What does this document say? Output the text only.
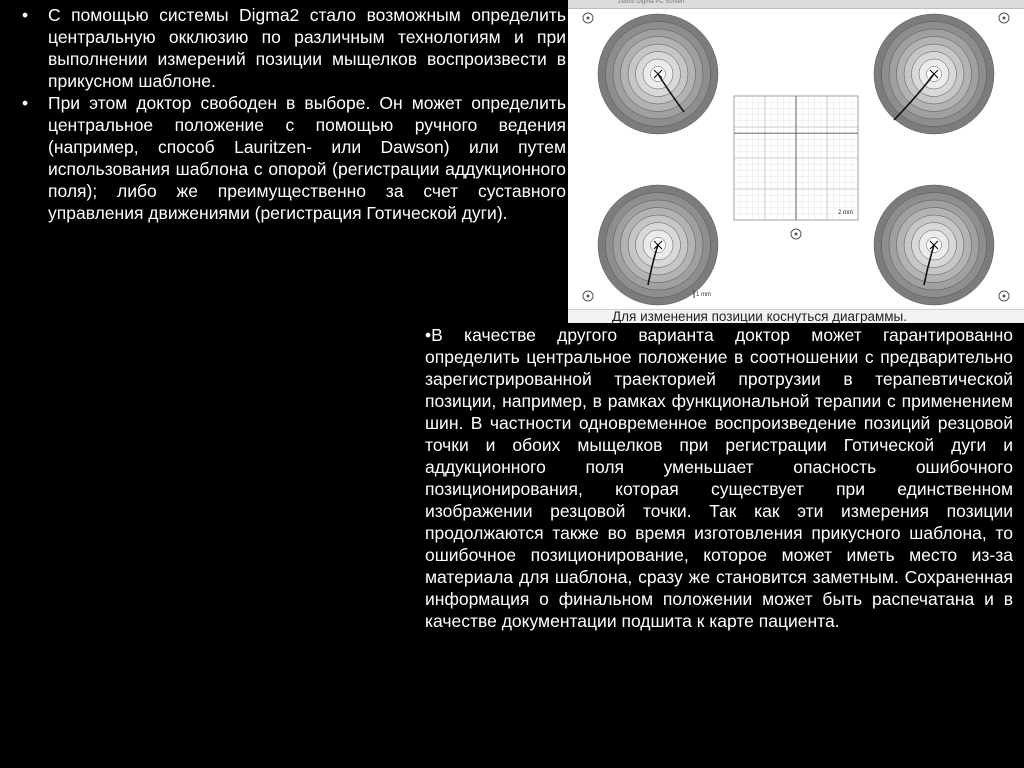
• С помощью системы Digma2 стало возможным определить центральную окклюзию по различным технологиям и при выполнении измерений позиции мыщелков воспроизвести в прикусном шаблоне.
• При этом доктор свободен в выборе. Он может определить центральное положение с помощью ручного ведения (например, способ Lauritzen- или Dawson) или путем использования шаблона с опорой (регистрации аддукционного поля); либо же преимущественно за счет суставного управления движениями (регистрация Готической дуги).
Zebris Digma PC Screen
2 mm
1 mm
Для изменения позиции коснуться диаграммы.

•В качестве другого варианта доктор может гарантированно определить центральное положение в соотношении с предварительно зарегистрированной траекторией протрузии в терапевтической позиции, например, в рамках функциональной терапии с применением шин. В частности одновременное воспроизведение позиций резцовой точки и обоих мыщелков при регистрации Готической дуги и аддукционного поля уменьшает опасность ошибочного позиционирования, которая существует при единственном изображении резцовой точки. Так как эти измерения позиции продолжаются также во время изготовления прикусного шаблона, то ошибочное позиционирование, которое может иметь место из-за материала для шаблона, сразу же становится заметным. Сохраненная информация о финальном положении может быть распечатана и в качестве документации подшита к карте пациента.
